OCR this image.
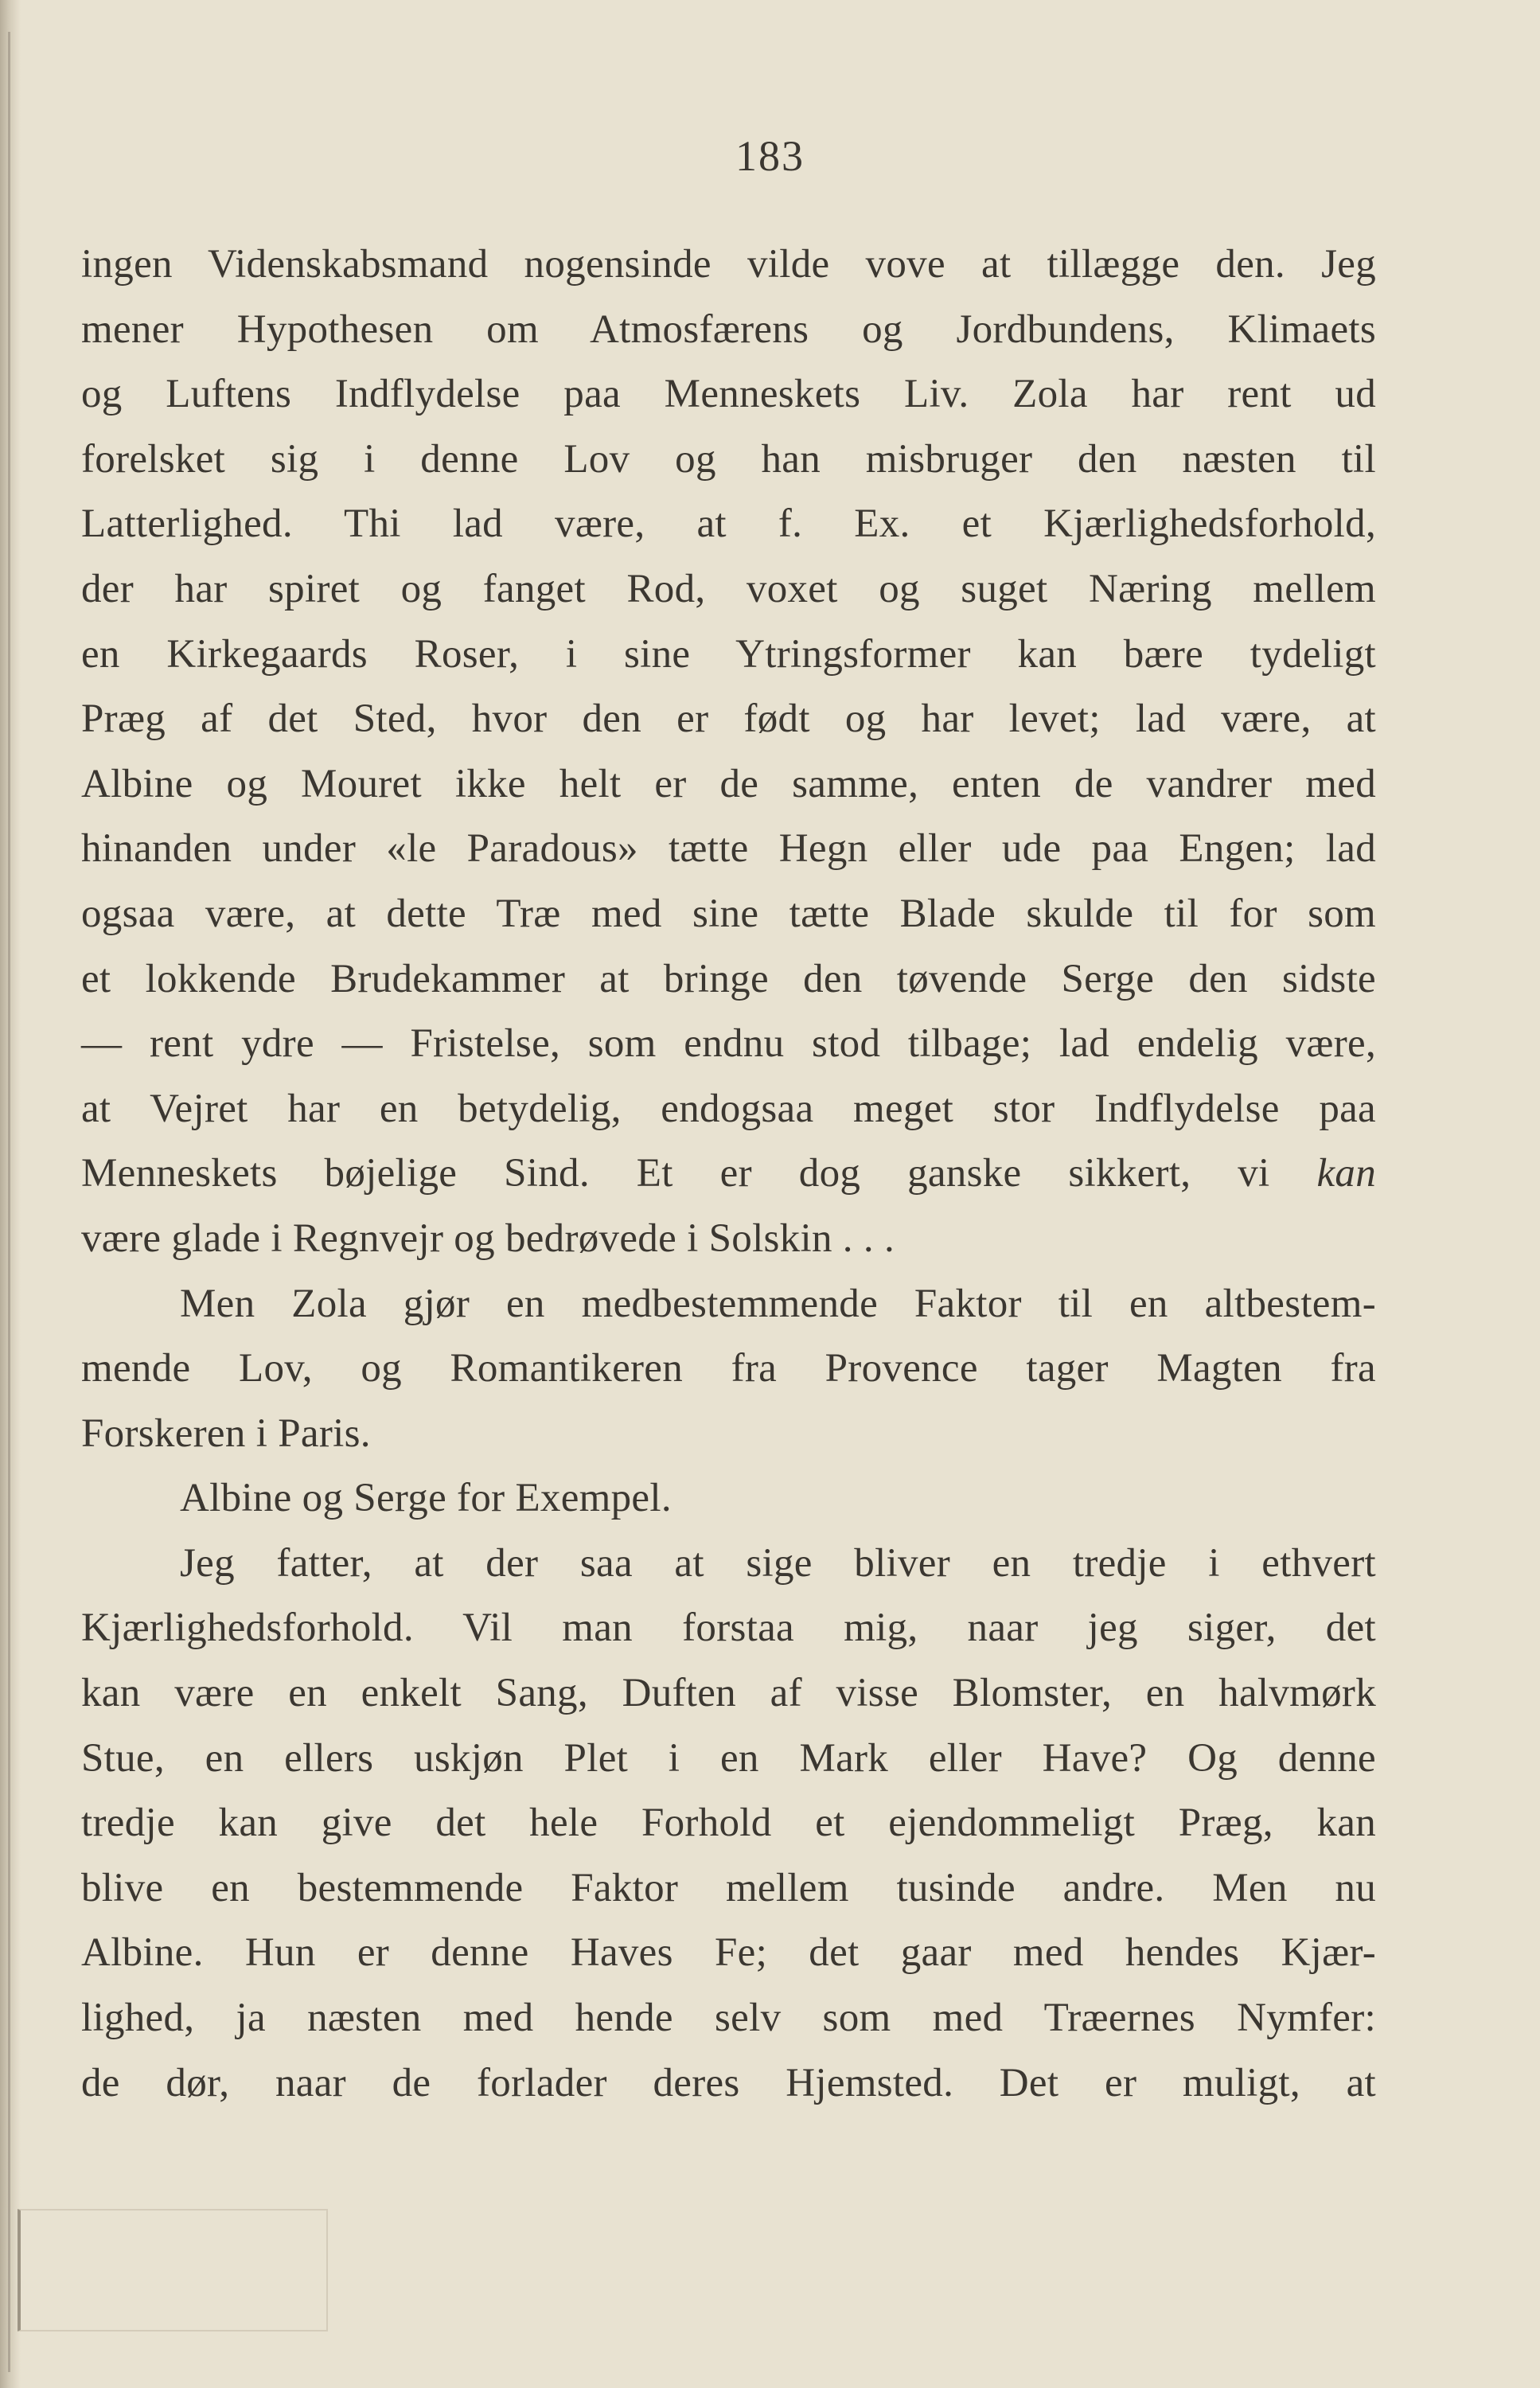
183
ingen Videnskabsmand nogensinde vilde vove at tillægge den. Jeg
mener Hypothesen om Atmosfærens og Jordbundens, Klimaets
og Luftens Indflydelse paa Menneskets Liv. Zola har rent ud
forelsket sig i denne Lov og han misbruger den næsten til
Latterlighed. Thi lad være, at f. Ex. et Kjærlighedsforhold,
der har spiret og fanget Rod, voxet og suget Næring mellem
en Kirkegaards Roser, i sine Ytringsformer kan bære tydeligt
Præg af det Sted, hvor den er født og har levet; lad være, at
Albine og Mouret ikke helt er de samme, enten de vandrer med
hinanden under «le Paradous» tætte Hegn eller ude paa Engen; lad
ogsaa være, at dette Træ med sine tætte Blade skulde til for som
et lokkende Brudekammer at bringe den tøvende Serge den sidste
— rent ydre — Fristelse, som endnu stod tilbage; lad endelig være,
at Vejret har en betydelig, endogsaa meget stor Indflydelse paa
Menneskets bøjelige Sind. Et er dog ganske sikkert, vi kan
være glade i Regnvejr og bedrøvede i Solskin . . .
Men Zola gjør en medbestemmende Faktor til en altbestem-
mende Lov, og Romantikeren fra Provence tager Magten fra
Forskeren i Paris.
Albine og Serge for Exempel.
Jeg fatter, at der saa at sige bliver en tredje i ethvert
Kjærlighedsforhold. Vil man forstaa mig, naar jeg siger, det
kan være en enkelt Sang, Duften af visse Blomster, en halvmørk
Stue, en ellers uskjøn Plet i en Mark eller Have? Og denne
tredje kan give det hele Forhold et ejendommeligt Præg, kan
blive en bestemmende Faktor mellem tusinde andre. Men nu
Albine. Hun er denne Haves Fe; det gaar med hendes Kjær-
lighed, ja næsten med hende selv som med Træernes Nymfer:
de dør, naar de forlader deres Hjemsted. Det er muligt, at
